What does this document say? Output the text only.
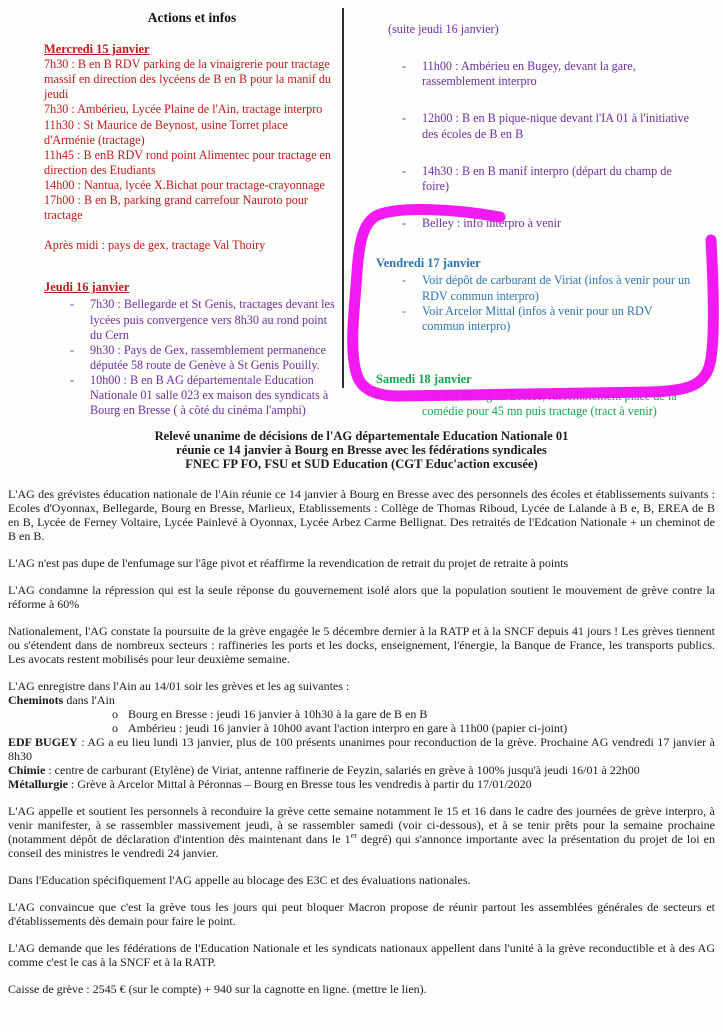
Actions et infos
Mercredi 15 janvier
7h30 : B en B RDV parking de la vinaigrerie pour tractage massif en direction des lycéens de B en B pour la manif du jeudi
7h30 : Ambérieu, Lycée Plaine de l'Ain, tractage interpro
11h30 : St Maurice de Beynost, usine Torret place d'Arménie (tractage)
11h45 : B enB RDV rond point Alimentec pour tractage en direction des Etudiants
14h00 : Nantua, lycée X.Bichat pour tractage-crayonnage
17h00 : B en B, parking grand carrefour Nauroto pour tractage
Après midi : pays de gex, tractage Val Thoiry
Jeudi 16 janvier
-	7h30 : Bellegarde et St Genis, tractages devant les lycées puis convergence vers 8h30 au rond point du Cern
-	9h30 : Pays de Gex, rassemblement permanence députée 58 route de Genève à St Genis Pouilly.
-	10h00 : B en B AG départementale Education Nationale 01 salle 023 ex maison des syndicats à Bourg en Bresse ( à côté du cinéma l'amphi)
(suite jeudi 16 janvier)
-	11h00 : Ambérieu en Bugey, devant la gare, rassemblement interpro
-	12h00 : B en B pique-nique devant l'IA 01 à l'initiative des écoles de B en B
-	14h30 : B en B manif interpro (départ du champ de foire)
-	Belley : info interpro à venir
Vendredi 17 janvier
-	Voir dépôt de carburant de Viriat (infos à venir pour un RDV commun interpro)
-	Voir Arcelor Mittal (infos à venir pour un RDV commun interpro)
Samedi 18 janvier
-	10h30 : Bourg en Bresse, rassemblement place de la comédie pour 45 mn puis tractage (tract à venir)
Relevé unanime de décisions de l'AG départementale Education Nationale 01
réunie ce 14 janvier à Bourg en Bresse avec les fédérations syndicales
FNEC FP FO, FSU et SUD Education (CGT Educ'action excusée)

L'AG des grévistes éducation nationale de l'Ain réunie ce 14 janvier à Bourg en Bresse avec des personnels des écoles et établissements suivants : Ecoles d'Oyonnax, Bellegarde, Bourg en Bresse, Marlieux, Etablissements : Collège de Thomas Riboud, Lycée de Lalande à B e, B, EREA de B en B, Lycée de Ferney Voltaire, Lycée Painlevé à Oyonnax, Lycée Arbez Carme Bellignat. Des retraités de l'Edcation Nationale + un cheminot de B en B.

L'AG n'est pas dupe de l'enfumage sur l'âge pivot et réaffirme la revendication de retrait du projet de retraite à points

L'AG condamne la répression qui est la seule réponse du gouvernement isolé alors que la population soutient le mouvement de grève contre la réforme à 60%

Nationalement, l'AG constate la poursuite de la grève engagée le 5 décembre dernier à la RATP et à la SNCF depuis 41 jours ! Les grèves tiennent ou s'étendent dans de nombreux secteurs : raffineries les ports et les docks, enseignement, l'énergie, la Banque de France, les transports publics. Les avocats restent mobilisés pour leur deuxième semaine.

L'AG enregistre dans l'Ain au 14/01 soir les grèves et les ag suivantes :

Cheminots dans l'Ain

o Bourg en Bresse : jeudi 16 janvier à 10h30 à la gare de B en B
o Ambérieu : jeudi 16 janvier à 10h00 avant l'action interpro en gare à 11h00 (papier ci-joint)

EDF BUGEY : AG a eu lieu lundi 13 janvier, plus de 100 présents unanimes pour reconduction de la grève. Prochaine AG vendredi 17 janvier à 8h30

Chimie : centre de carburant (Etylène) de Viriat, antenne raffinerie de Feyzin, salariés en grève à 100% jusqu'à jeudi 16/01 à 22h00

Métallurgie : Grève à Arcelor Mittal à Péronnas – Bourg en Bresse tous les vendredis à partir du 17/01/2020

L'AG appelle et soutient les personnels à reconduire la grève cette semaine notamment le 15 et 16 dans le cadre des journées de grève interpro, à venir manifester, à se rassembler massivement jeudi, à se rassembler samedi (voir ci-dessous), et à se tenir prêts pour la semaine prochaine (notamment dépôt de déclaration d'intention dès maintenant dans le 1er degré) qui s'annonce importante avec la présentation du projet de loi en conseil des ministres le vendredi 24 janvier.

Dans l'Education spécifiquement l'AG appelle au blocage des E3C et des évaluations nationales.

L'AG convaincue que c'est la grève tous les jours qui peut bloquer Macron propose de réunir partout les assemblées générales de secteurs et d'établissements dès demain pour faire le point.

L'AG demande que les fédérations de l'Education Nationale et les syndicats nationaux appellent dans l'unité à la grève reconductible et à des AG comme c'est le cas à la SNCF et à la RATP.

Caisse de grève : 2545 € (sur le compte) + 940 sur la cagnotte en ligne. (mettre le lien).
